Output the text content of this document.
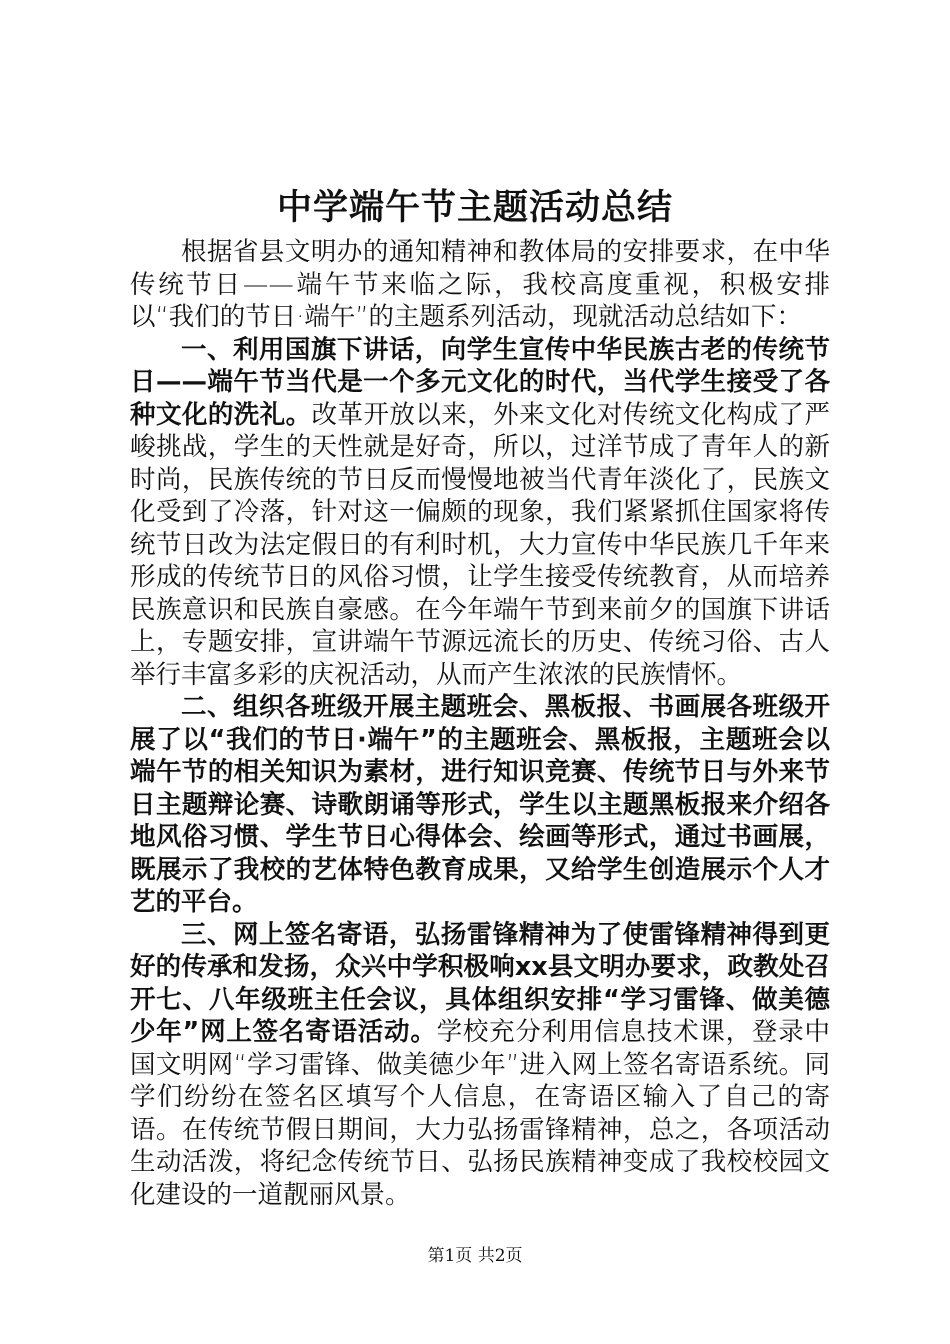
中学端午节主题活动总结

根据省县文明办的通知精神和教体局的安排要求，在中华传统节日——端午节来临之际，我校高度重视，积极安排以“我们的节日·端午”的主题系列活动，现就活动总结如下：

一、利用国旗下讲话，向学生宣传中华民族古老的传统节日——端午节当代是一个多元文化的时代，当代学生接受了各种文化的洗礼。改革开放以来，外来文化对传统文化构成了严峻挑战，学生的天性就是好奇，所以，过洋节成了青年人的新时尚，民族传统的节日反而慢慢地被当代青年淡化了，民族文化受到了冷落，针对这一偏颇的现象，我们紧紧抓住国家将传统节日改为法定假日的有利时机，大力宣传中华民族几千年来形成的传统节日的风俗习惯，让学生接受传统教育，从而培养民族意识和民族自豪感。在今年端午节到来前夕的国旗下讲话上，专题安排，宣讲端午节源远流长的历史、传统习俗、古人举行丰富多彩的庆祝活动，从而产生浓浓的民族情怀。

二、组织各班级开展主题班会、黑板报、书画展各班级开展了以“我们的节日·端午”的主题班会、黑板报，主题班会以端午节的相关知识为素材，进行知识竞赛、传统节日与外来节日主题辩论赛、诗歌朗诵等形式，学生以主题黑板报来介绍各地风俗习惯、学生节日心得体会、绘画等形式，通过书画展，既展示了我校的艺体特色教育成果，又给学生创造展示个人才艺的平台。

三、网上签名寄语，弘扬雷锋精神为了使雷锋精神得到更好的传承和发扬，众兴中学积极响xx县文明办要求，政教处召开七、八年级班主任会议，具体组织安排“学习雷锋、做美德少年”网上签名寄语活动。学校充分利用信息技术课，登录中国文明网“学习雷锋、做美德少年”进入网上签名寄语系统。同学们纷纷在签名区填写个人信息，在寄语区输入了自己的寄语。在传统节假日期间，大力弘扬雷锋精神，总之，各项活动生动活泼，将纪念传统节日、弘扬民族精神变成了我校校园文化建设的一道靓丽风景。

第1页 共2页
